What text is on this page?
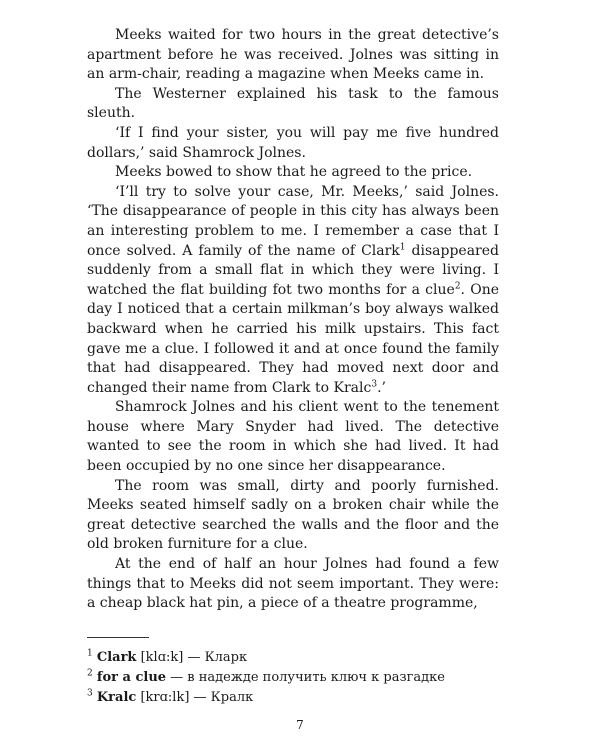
Meeks waited for two hours in the great detective’s apartment before he was received. Jolnes was sitting in an arm-chair, reading a magazine when Meeks came in.

The Westerner explained his task to the famous sleuth.

‘If I find your sister, you will pay me five hundred dollars,’ said Shamrock Jolnes.

Meeks bowed to show that he agreed to the price.

‘I’ll try to solve your case, Mr. Meeks,’ said Jolnes. ‘The disappearance of people in this city has always been an interesting problem to me. I remember a case that I once solved. A family of the name of Clark$^1$ disappeared suddenly from a small flat in which they were living. I watched the flat building fot two months for a clue$^2$. One day I noticed that a certain milkman’s boy always walked backward when he carried his milk upstairs. This fact gave me a clue. I followed it and at once found the family that had disappeared. They had moved next door and changed their name from Clark to Kralc$^3$.’

Shamrock Jolnes and his client went to the tenement house where Mary Snyder had lived. The detective wanted to see the room in which she had lived. It had been occupied by no one since her disappearance.

The room was small, dirty and poorly furnished. Meeks seated himself sadly on a broken chair while the great detective searched the walls and the floor and the old broken furniture for a clue.

At the end of half an hour Jolnes had found a few things that to Meeks did not seem important. They were: a cheap black hat pin, a piece of a theatre programme,

$^1$ Clark [klɑ:k] — Кларк

$^2$ for a clue — в надежде получить ключ к разгадке

$^3$ Kralc [krɑ:lk] — Кралк

7
